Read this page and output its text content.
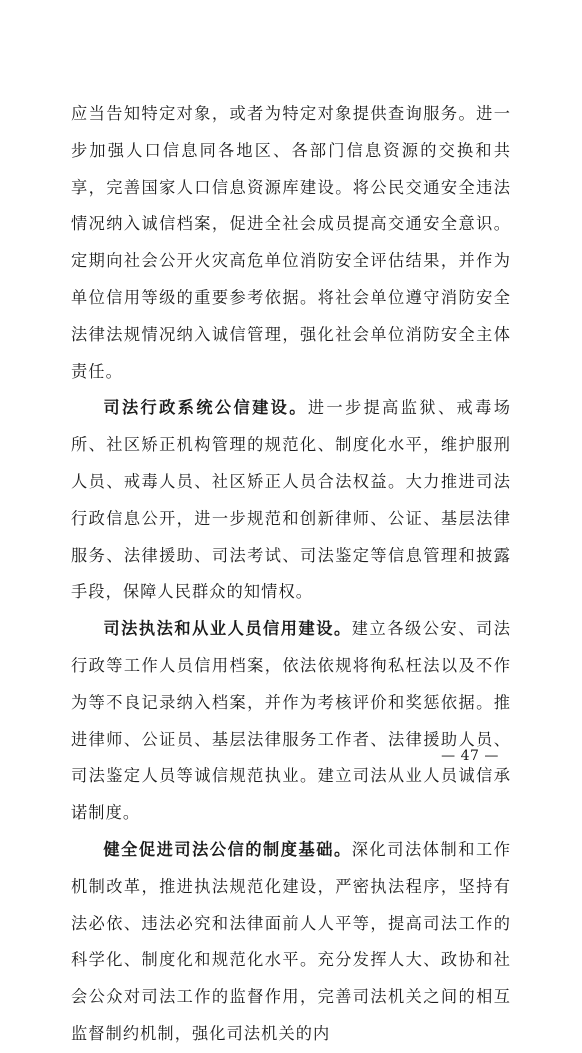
应当告知特定对象，或者为特定对象提供查询服务。进一步加强人口信息同各地区、各部门信息资源的交换和共享，完善国家人口信息资源库建设。将公民交通安全违法情况纳入诚信档案，促进全社会成员提高交通安全意识。定期向社会公开火灾高危单位消防安全评估结果，并作为单位信用等级的重要参考依据。将社会单位遵守消防安全法律法规情况纳入诚信管理，强化社会单位消防安全主体责任。

司法行政系统公信建设。进一步提高监狱、戒毒场所、社区矫正机构管理的规范化、制度化水平，维护服刑人员、戒毒人员、社区矫正人员合法权益。大力推进司法行政信息公开，进一步规范和创新律师、公证、基层法律服务、法律援助、司法考试、司法鉴定等信息管理和披露手段，保障人民群众的知情权。

司法执法和从业人员信用建设。建立各级公安、司法行政等工作人员信用档案，依法依规将徇私枉法以及不作为等不良记录纳入档案，并作为考核评价和奖惩依据。推进律师、公证员、基层法律服务工作者、法律援助人员、司法鉴定人员等诚信规范执业。建立司法从业人员诚信承诺制度。

健全促进司法公信的制度基础。深化司法体制和工作机制改革，推进执法规范化建设，严密执法程序，坚持有法必依、违法必究和法律面前人人平等，提高司法工作的科学化、制度化和规范化水平。充分发挥人大、政协和社会公众对司法工作的监督作用，完善司法机关之间的相互监督制约机制，强化司法机关的内

— 47 —
